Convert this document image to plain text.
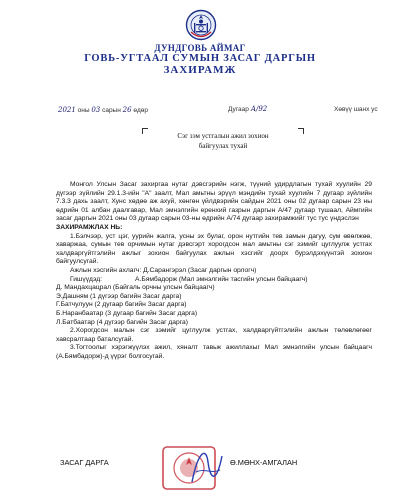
ДУНДГОВЬ АЙМАГ
ГОВЬ-УГТААЛ СУМЫН ЗАСАГ ДАРГЫН
ЗАХИРАМЖ
2021 оны 03 сарын 26 өдөр	Дугаар А/92	Хөвүү шанх ус
Сэг зэм устгалын ажил зохион
байгуулах тухай

Монгол Улсын Засаг захиргаа нутаг дэвсгэрийн нэгж, түүний удирдлагын тухай хуулийн 29 дүгээр зүйлийн 29.1.3-ийн "А" заалт, Мал амьтны эрүүл мэндийн тухай хуулийн 7 дугаар зүйлийн 7.3.3 дахь заалт, Хунс хөдөө аж ахуй, хөнгөн үйлдвэрийн сайдын 2021 оны 02 дугаар сарын 23 ны өдрийн 01 албан даалгавар, Мал эмнэлгийн еренхий газрын даргын А/47 дугаар тушаал, Аймгийн засаг даргын 2021 оны 03 дугаар сарын 03-ны өдрийн А/74 дугаар захирамжийг тус тус үндэслэн

ЗАХИРАМЖЛАХ НЬ:

1.Бэлчээр, уст цэг, уурийн жалга, усны эх булаг, орон нутгийн тев замын дагуу, сум өвөлжөө, хаваржаа, сумын тев орчимын нутаг дэвсгэрт хорогдсон мал амьтны сэг зэмийг цуглуулж устгах халдваргүйтгэлийн ажлыг зохион байгуулах ажлын хэсгийг доорх бурэлдэхүүнтэй зохион байгуулсугай.

Ажлын хэсгийн ахлагч: Д.Сарангэрэл (Засаг даргын орлогч)

Гишүүдэд:	А.Бямбадорж (Мал эмнэлгийн тасгийн улсын байцаагч)

Д. Мандахцацрал (Байгаль орчны улсын байцаагч)

Э.Дашням (1 дүгээр багийн Засаг дарга)

Г.Батчулуун (2 дугаар багийн Засаг дарга)

Б.Наранбаатар (3 дугаар багийн Засаг дарга)

Л.Батбаатар (4 дүгээр багийн Засаг дарга)

2.Хорогдсон малын сэг зэмийг цуглуулж устгах, халдваргүйтгэлийн ажлын төлөвлөгөег хавсралтаар баталсугай.

3.Тогтоолыг хэрэгжүүлэх ажил, хяналт тавьж ажиллахыг Мал эмнэлгийн улсын байцаагч (А.Бямбадорж)-д үүрэг болгосугай.

ЗАСАГ ДАРГА	Ө.МӨНХ-АМГАЛАН
